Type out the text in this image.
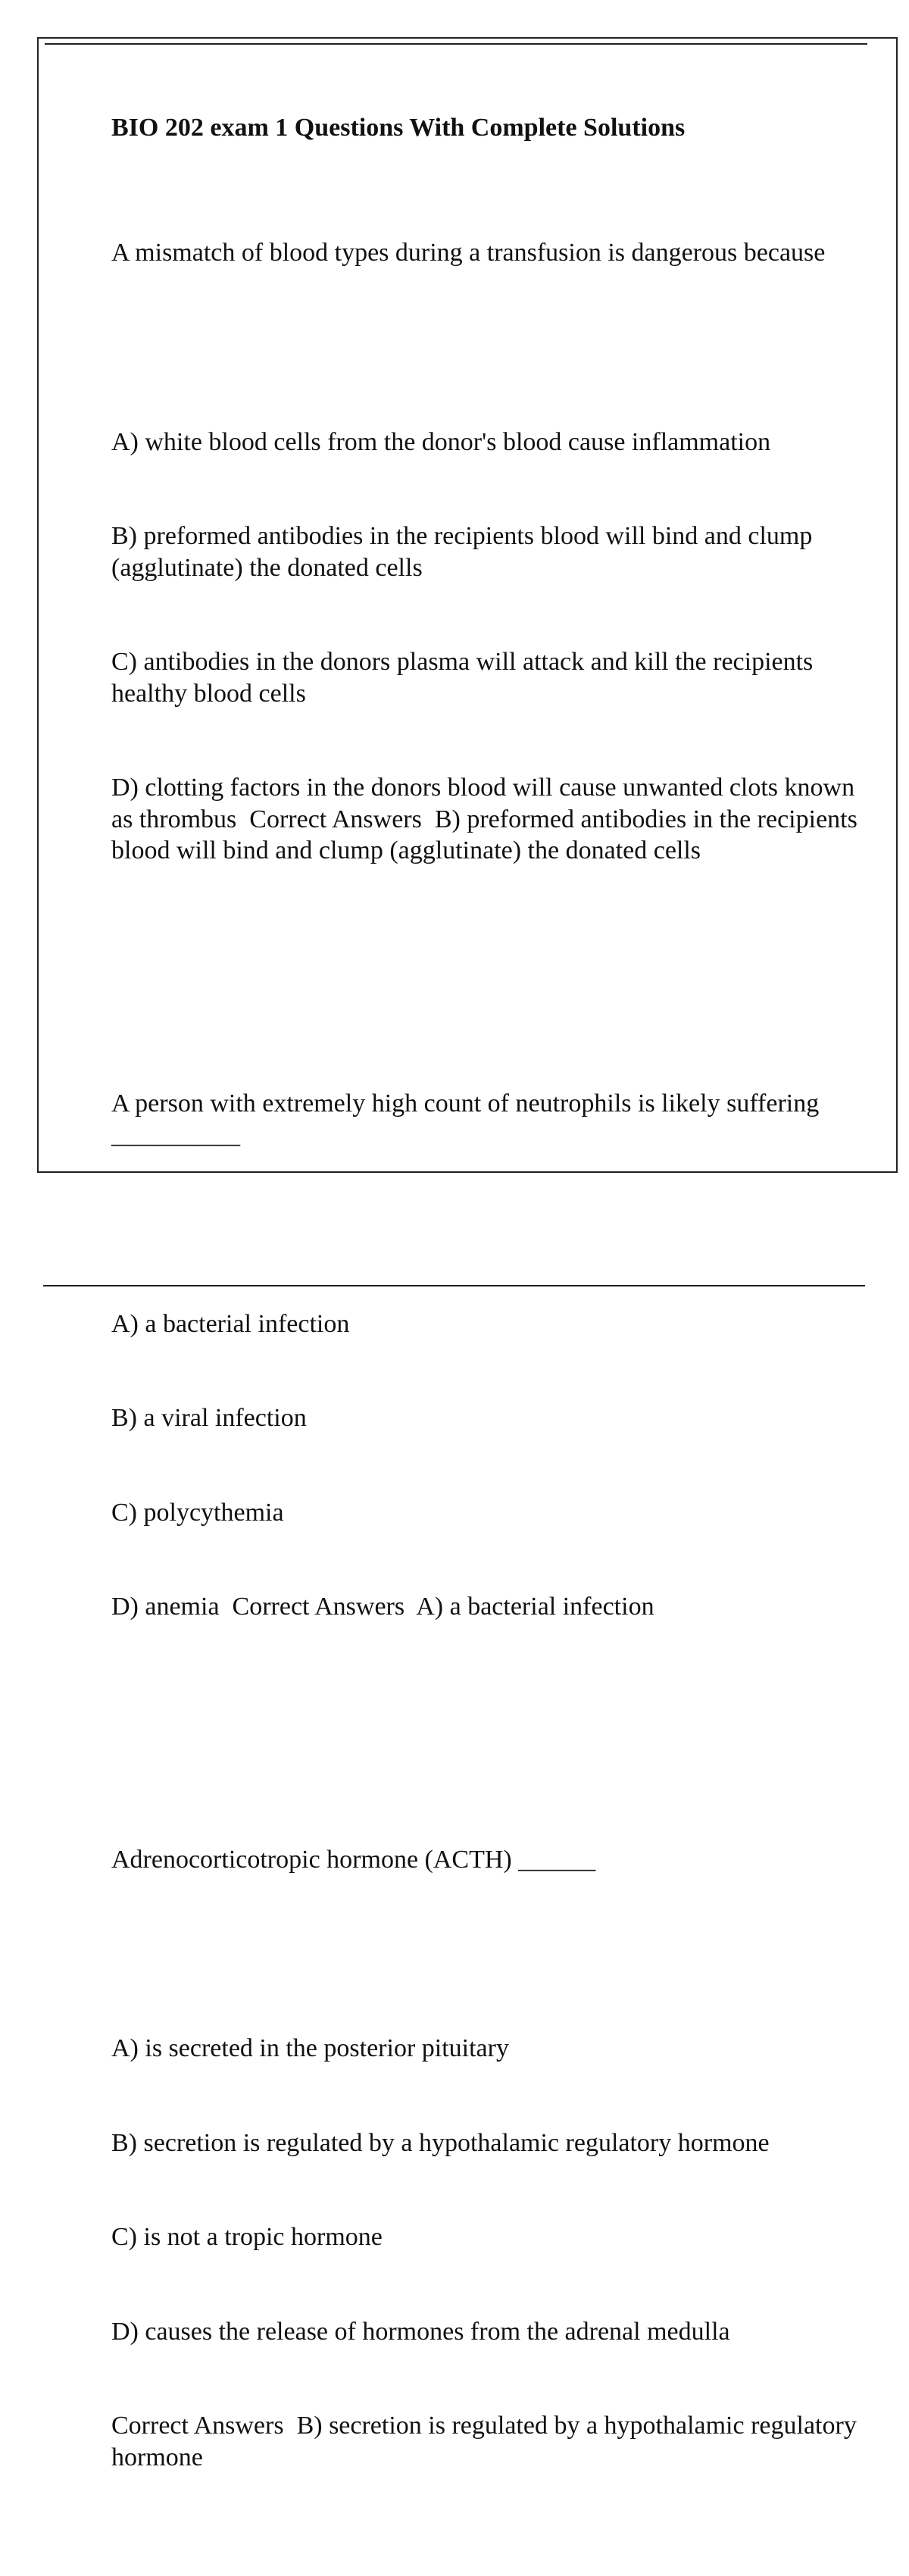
BIO 202 exam 1 Questions With Complete Solutions

A mismatch of blood types during a transfusion is dangerous because

A) white blood cells from the donor's blood cause inflammation

B) preformed antibodies in the recipients blood will bind and clump (agglutinate) the donated cells

C) antibodies in the donors plasma will attack and kill the recipients healthy blood cells

D) clotting factors in the donors blood will cause unwanted clots known as thrombus Correct Answers B) preformed antibodies in the recipients blood will bind and clump (agglutinate) the donated cells

A person with extremely high count of neutrophils is likely suffering __________

A) a bacterial infection

B) a viral infection

C) polycythemia

D) anemia Correct Answers A) a bacterial infection

Adrenocorticotropic hormone (ACTH) ______

A) is secreted in the posterior pituitary

B) secretion is regulated by a hypothalamic regulatory hormone

C) is not a tropic hormone

D) causes the release of hormones from the adrenal medulla

Correct Answers B) secretion is regulated by a hypothalamic regulatory hormone
